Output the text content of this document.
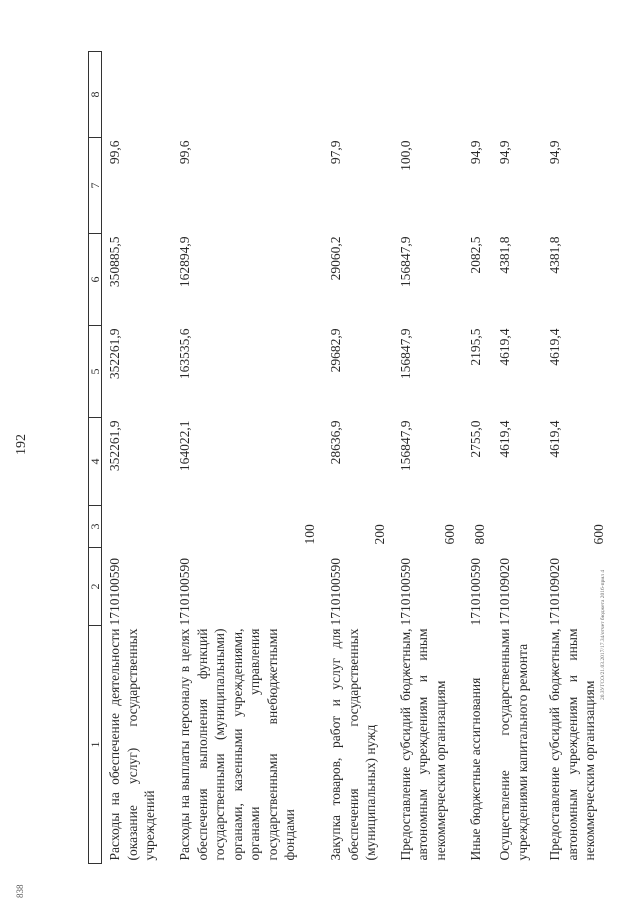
192
838
20.ЗУГСО/21.03.2017/17.34/отчет бюджета 2016-прил 4
1	2	3	4	5	6	7	8
Расходы на обеспечение деятельности (оказание услуг) государственных учреждений	1710100590		352261,9	352261,9	350885,5	99,6	
Расходы на выплаты персоналу в целях обеспечения выполнения функций государственными (муниципальными) органами, казенными учреждениями, органами управления государственными внебюджетными фондами	1710100590	100	164022,1	163535,6	162894,9	99,6	
Закупка товаров, работ и услуг для обеспечения государственных (муниципальных) нужд	1710100590	200	28636,9	29682,9	29060,2	97,9	
Предоставление субсидий бюджетным, автономным учреждениям и иным некоммерческим организациям	1710100590	600	156847,9	156847,9	156847,9	100,0	
Иные бюджетные ассигнования	1710100590	800	2755,0	2195,5	2082,5	94,9	
Осуществление государственными учреждениями капитального ремонта	1710109020		4619,4	4619,4	4381,8	94,9	
Предоставление субсидий бюджетным, автономным учреждениям и иным некоммерческим организациям	1710109020	600	4619,4	4619,4	4381,8	94,9	
